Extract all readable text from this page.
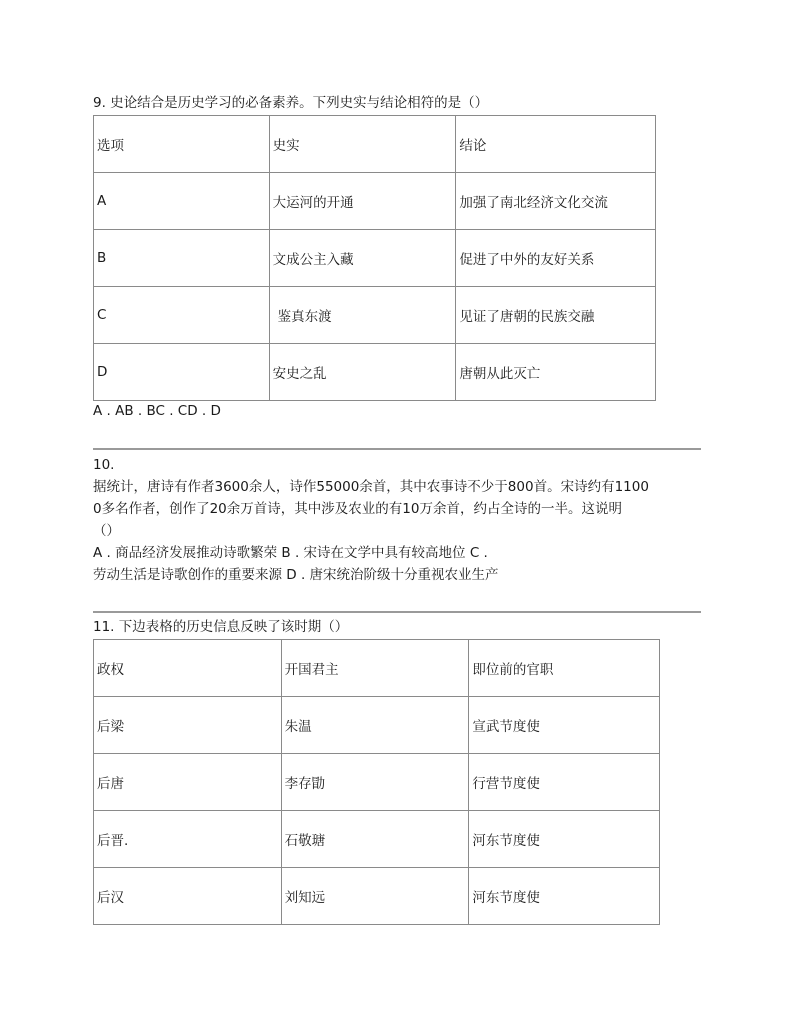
9. 史论结合是历史学习的必备素养。下列史实与结论相符的是（）
选项	史实	结论
A	大运河的开通	加强了南北经济文化交流
B	文成公主入藏	促进了中外的友好关系
C	鉴真东渡	见证了唐朝的民族交融
D	安史之乱	唐朝从此灭亡
A . AB . BC . CD . D
10.
据统计，唐诗有作者3600余人，诗作55000余首，其中农事诗不少于800首。宋诗约有1100
0多名作者，创作了20余万首诗，其中涉及农业的有10万余首，约占全诗的一半。这说明
（）
A . 商品经济发展推动诗歌繁荣 B . 宋诗在文学中具有较高地位 C .
劳动生活是诗歌创作的重要来源 D . 唐宋统治阶级十分重视农业生产
11. 下边表格的历史信息反映了该时期（）
政权	开国君主	即位前的官职
后梁	朱温	宣武节度使
后唐	李存勖	行营节度使
后晋.	石敬瑭	河东节度使
后汉	刘知远	河东节度使
